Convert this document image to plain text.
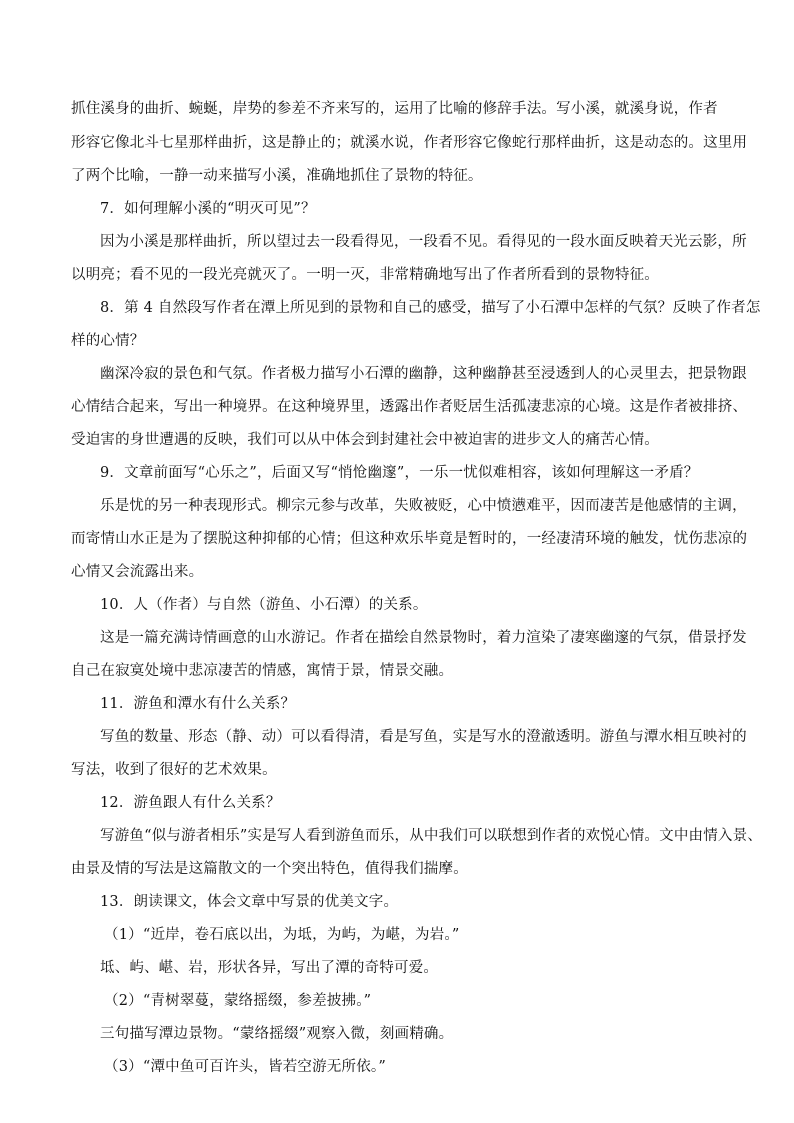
抓住溪身的曲折、蜿蜒，岸势的参差不齐来写的，运用了比喻的修辞手法。写小溪，就溪身说，作者
形容它像北斗七星那样曲折，这是静止的；就溪水说，作者形容它像蛇行那样曲折，这是动态的。这里用
了两个比喻，一静一动来描写小溪，准确地抓住了景物的特征。
7．如何理解小溪的“明灭可见”？
因为小溪是那样曲折，所以望过去一段看得见，一段看不见。看得见的一段水面反映着天光云影，所
以明亮；看不见的一段光亮就灭了。一明一灭，非常精确地写出了作者所看到的景物特征。
8．第 4 自然段写作者在潭上所见到的景物和自己的感受，描写了小石潭中怎样的气氛？反映了作者怎
样的心情？
幽深冷寂的景色和气氛。作者极力描写小石潭的幽静，这种幽静甚至浸透到人的心灵里去，把景物跟
心情结合起来，写出一种境界。在这种境界里，透露出作者贬居生活孤凄悲凉的心境。这是作者被排挤、
受迫害的身世遭遇的反映，我们可以从中体会到封建社会中被迫害的进步文人的痛苦心情。
9．文章前面写“心乐之”，后面又写“悄怆幽邃”，一乐一忧似难相容，该如何理解这一矛盾？
乐是忧的另一种表现形式。柳宗元参与改革，失败被贬，心中愤懑难平，因而凄苦是他感情的主调，
而寄情山水正是为了摆脱这种抑郁的心情；但这种欢乐毕竟是暂时的，一经凄清环境的触发，忧伤悲凉的
心情又会流露出来。
10．人（作者）与自然（游鱼、小石潭）的关系。
这是一篇充满诗情画意的山水游记。作者在描绘自然景物时，着力渲染了凄寒幽邃的气氛，借景抒发
自己在寂寞处境中悲凉凄苦的情感，寓情于景，情景交融。
11．游鱼和潭水有什么关系？
写鱼的数量、形态（静、动）可以看得清，看是写鱼，实是写水的澄澈透明。游鱼与潭水相互映衬的
写法，收到了很好的艺术效果。
12．游鱼跟人有什么关系？
写游鱼“似与游者相乐”实是写人看到游鱼而乐，从中我们可以联想到作者的欢悦心情。文中由情入景、
由景及情的写法是这篇散文的一个突出特色，值得我们揣摩。
13．朗读课文，体会文章中写景的优美文字。
（1）“近岸，卷石底以出，为坻，为屿，为嵁，为岩。”
坻、屿、嵁、岩，形状各异，写出了潭的奇特可爱。
（2）“青树翠蔓，蒙络摇缀，参差披拂。”
三句描写潭边景物。“蒙络摇缀”观察入微，刻画精确。
（3）“潭中鱼可百许头，皆若空游无所依。”
